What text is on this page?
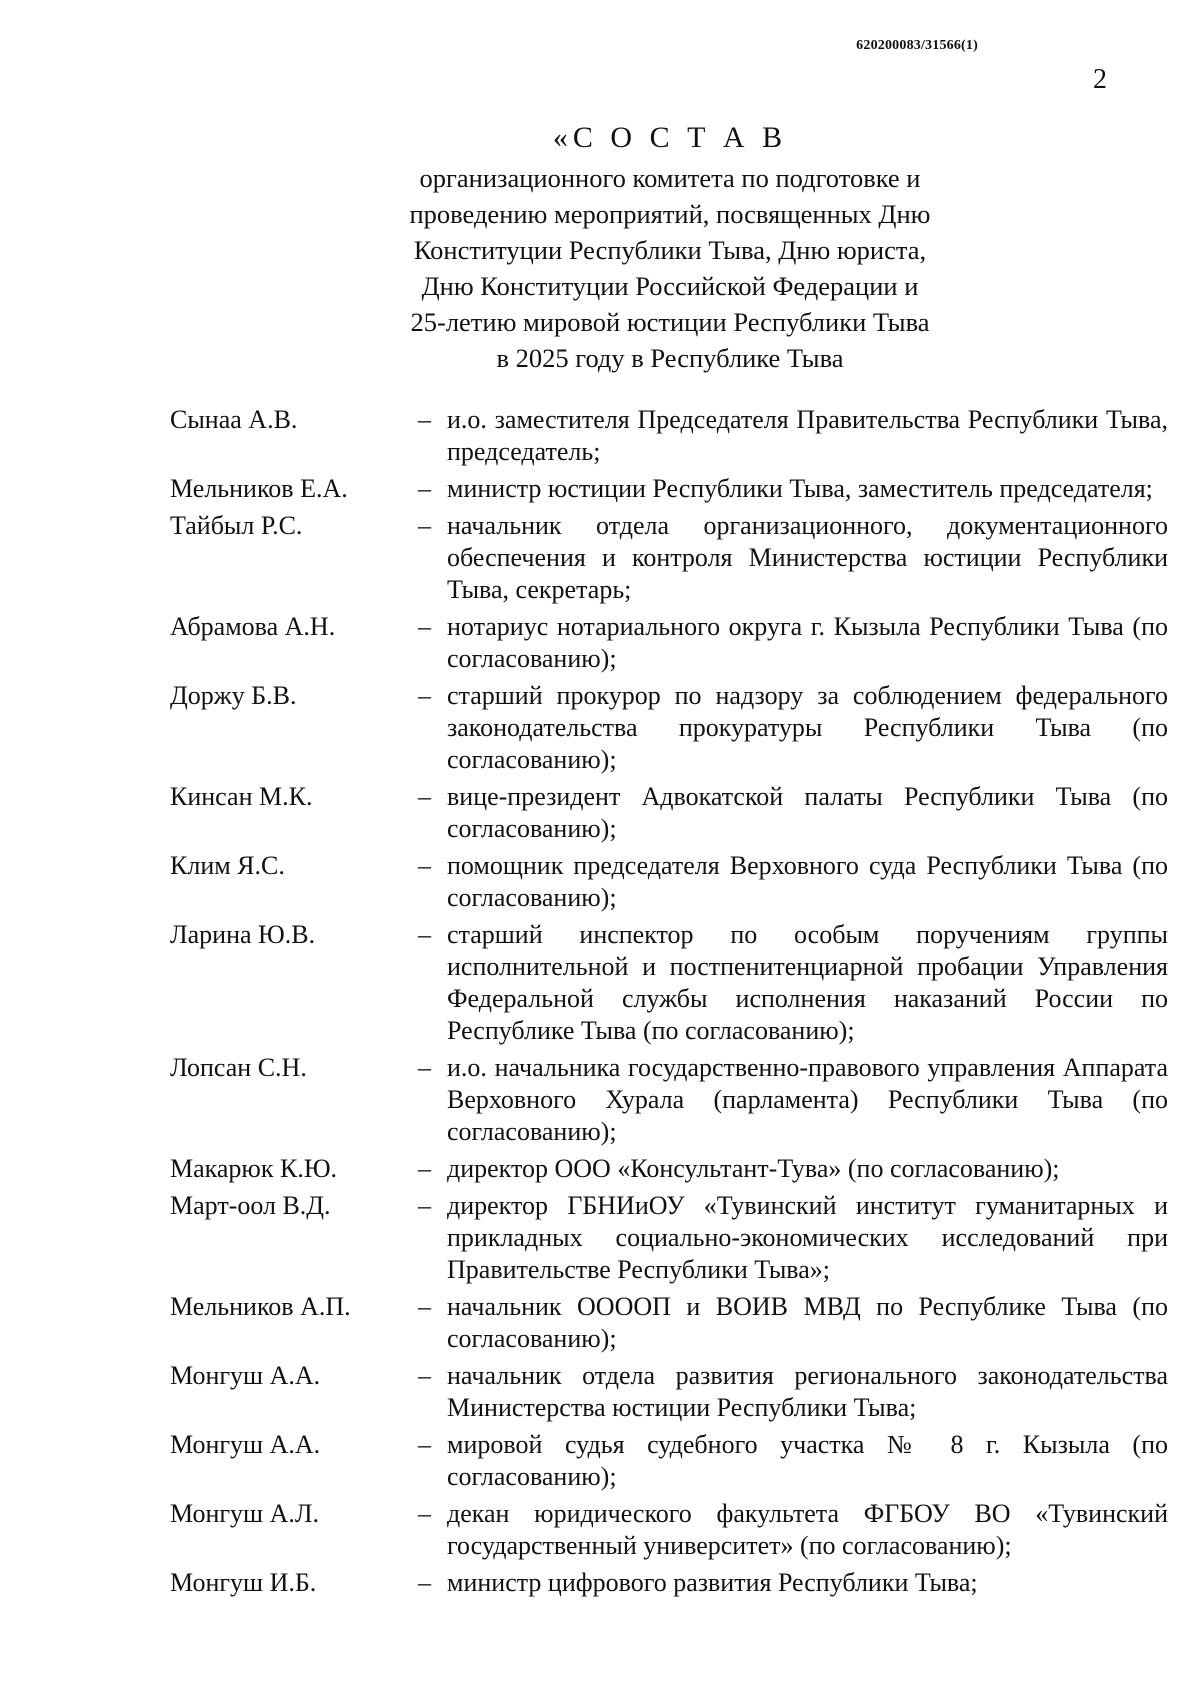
620200083/31566(1)
2
«С О С Т А В
организационного комитета по подготовке и
проведению мероприятий, посвященных Дню
Конституции Республики Тыва, Дню юриста,
Дню Конституции Российской Федерации и
25-летию мировой юстиции Республики Тыва
в 2025 году в Республике Тыва
Сынаа А.В.	– и.о. заместителя Председателя Правительства Республики Тыва, председатель;
Мельников Е.А.	– министр юстиции Республики Тыва, заместитель председателя;
Тайбыл Р.С.	– начальник отдела организационного, документационного обеспечения и контроля Министерства юстиции Республики Тыва, секретарь;
Абрамова А.Н.	– нотариус нотариального округа г. Кызыла Республики Тыва (по согласованию);
Доржу Б.В.	– старший прокурор по надзору за соблюдением федерального законодательства прокуратуры Республики Тыва (по согласованию);
Кинсан М.К.	– вице-президент Адвокатской палаты Республики Тыва (по согласованию);
Клим Я.С.	– помощник председателя Верховного суда Республики Тыва (по согласованию);
Ларина Ю.В.	– старший инспектор по особым поручениям группы исполнительной и постпенитенциарной пробации Управления Федеральной службы исполнения наказаний России по Республике Тыва (по согласованию);
Лопсан С.Н.	– и.о. начальника государственно-правового управления Аппарата Верховного Хурала (парламента) Республики Тыва (по согласованию);
Макарюк К.Ю.	– директор ООО «Консультант-Тува» (по согласованию);
Март-оол В.Д.	– директор ГБНИиОУ «Тувинский институт гуманитарных и прикладных социально-экономических исследований при Правительстве Республики Тыва»;
Мельников А.П.	– начальник ООООП и ВОИВ МВД по Республике Тыва (по согласованию);
Монгуш А.А.	– начальник отдела развития регионального законодательства Министерства юстиции Республики Тыва;
Монгуш А.А.	– мировой судья судебного участка № 8 г. Кызыла (по согласованию);
Монгуш А.Л.	– декан юридического факультета ФГБОУ ВО «Тувинский государственный университет» (по согласованию);
Монгуш И.Б.	– министр цифрового развития Республики Тыва;
